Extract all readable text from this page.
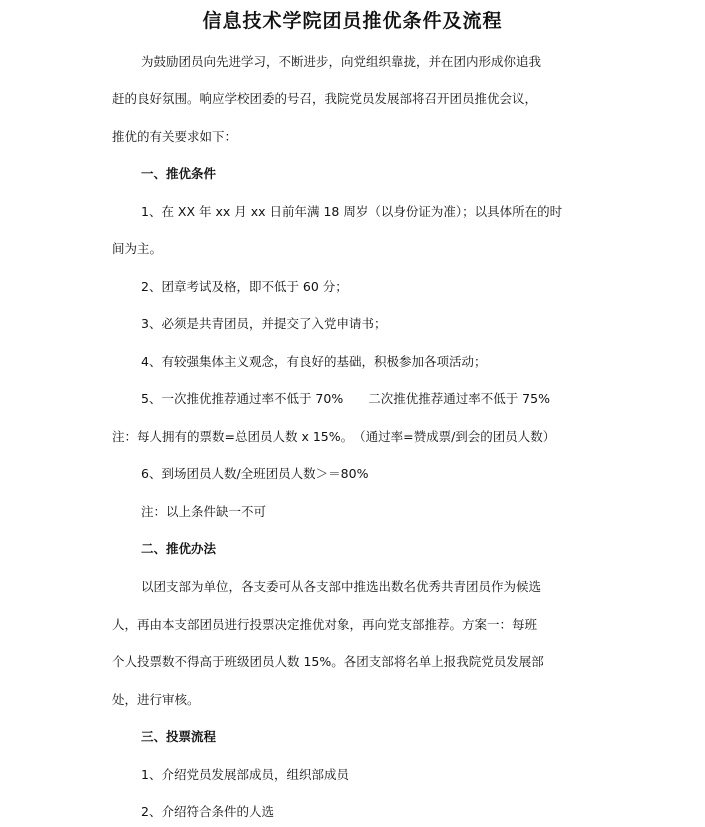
信息技术学院团员推优条件及流程
为鼓励团员向先进学习，不断进步，向党组织靠拢，并在团内形成你追我
赶的良好氛围。响应学校团委的号召，我院党员发展部将召开团员推优会议，
推优的有关要求如下：
一、推优条件
1、在 XX 年 xx 月 xx 日前年满 18 周岁（以身份证为准）；以具体所在的时
间为主。
2、团章考试及格，即不低于 60 分；
3、必须是共青团员，并提交了入党申请书；
4、有较强集体主义观念，有良好的基础，积极参加各项活动；
5、一次推优推荐通过率不低于 70%　　二次推优推荐通过率不低于 75%
注：每人拥有的票数=总团员人数 x 15%。　（通过率=赞成票/到会的团员人数）
6、到场团员人数/全班团员人数＞＝80%
注：以上条件缺一不可
二、推优办法
以团支部为单位，各支委可从各支部中推选出数名优秀共青团员作为候选
人，再由本支部团员进行投票决定推优对象，再向党支部推荐。方案一：每班
个人投票数不得高于班级团员人数 15%。各团支部将名单上报我院党员发展部
处，进行审核。
三、投票流程
1、介绍党员发展部成员，组织部成员
2、介绍符合条件的人选
